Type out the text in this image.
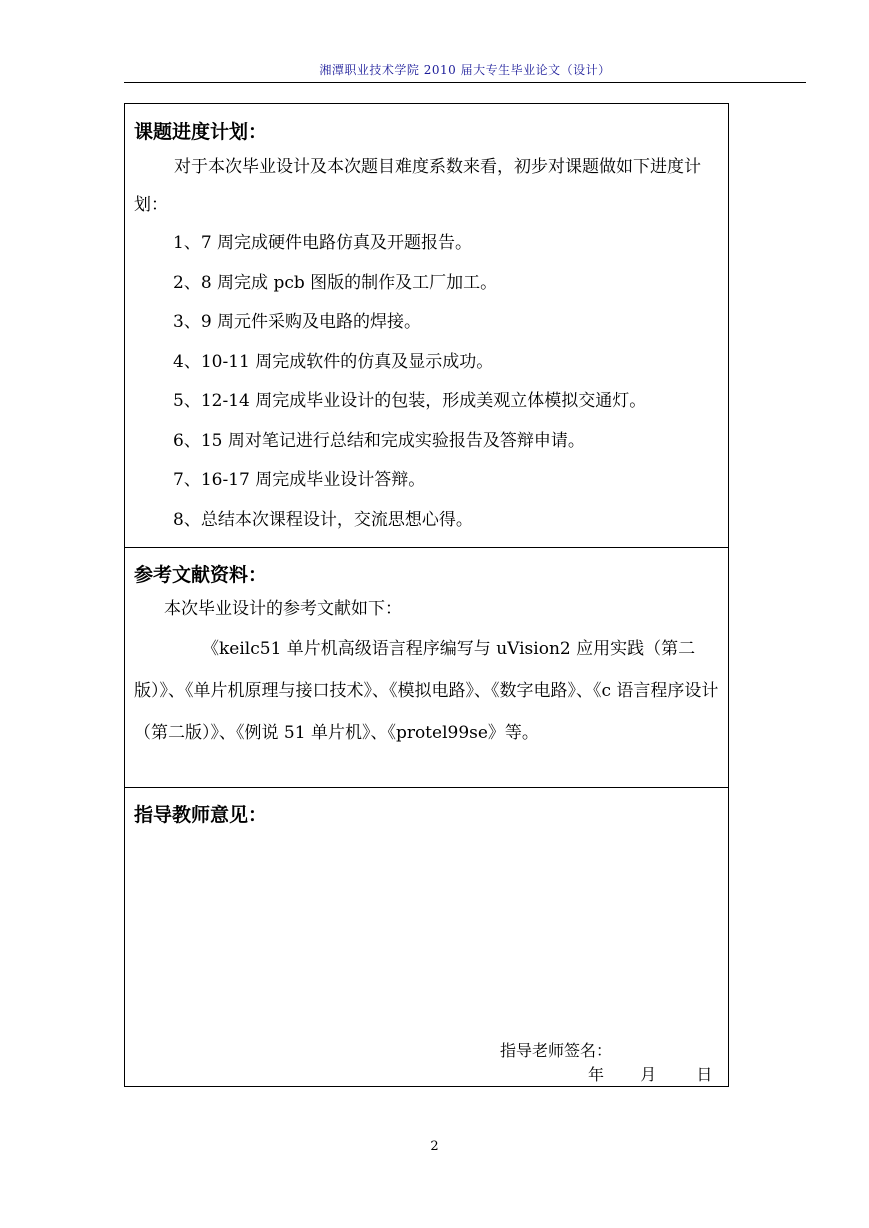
湘潭职业技术学院 2010 届大专生毕业论文（设计）
课题进度计划：
对于本次毕业设计及本次题目难度系数来看，初步对课题做如下进度计划：
1、7 周完成硬件电路仿真及开题报告。
2、8 周完成 pcb 图版的制作及工厂加工。
3、9 周元件采购及电路的焊接。
4、10-11 周完成软件的仿真及显示成功。
5、12-14 周完成毕业设计的包装，形成美观立体模拟交通灯。
6、15 周对笔记进行总结和完成实验报告及答辩申请。
7、16-17 周完成毕业设计答辩。
8、总结本次课程设计，交流思想心得。
参考文献资料：
本次毕业设计的参考文献如下：
《keilc51 单片机高级语言程序编写与 uVision2 应用实践（第二版）》、《单片机原理与接口技术》、《模拟电路》、《数字电路》、《c 语言程序设计（第二版）》、《例说 51 单片机》、《protel99se》等。
指导教师意见：
指导老师签名：
年 月	日
2
